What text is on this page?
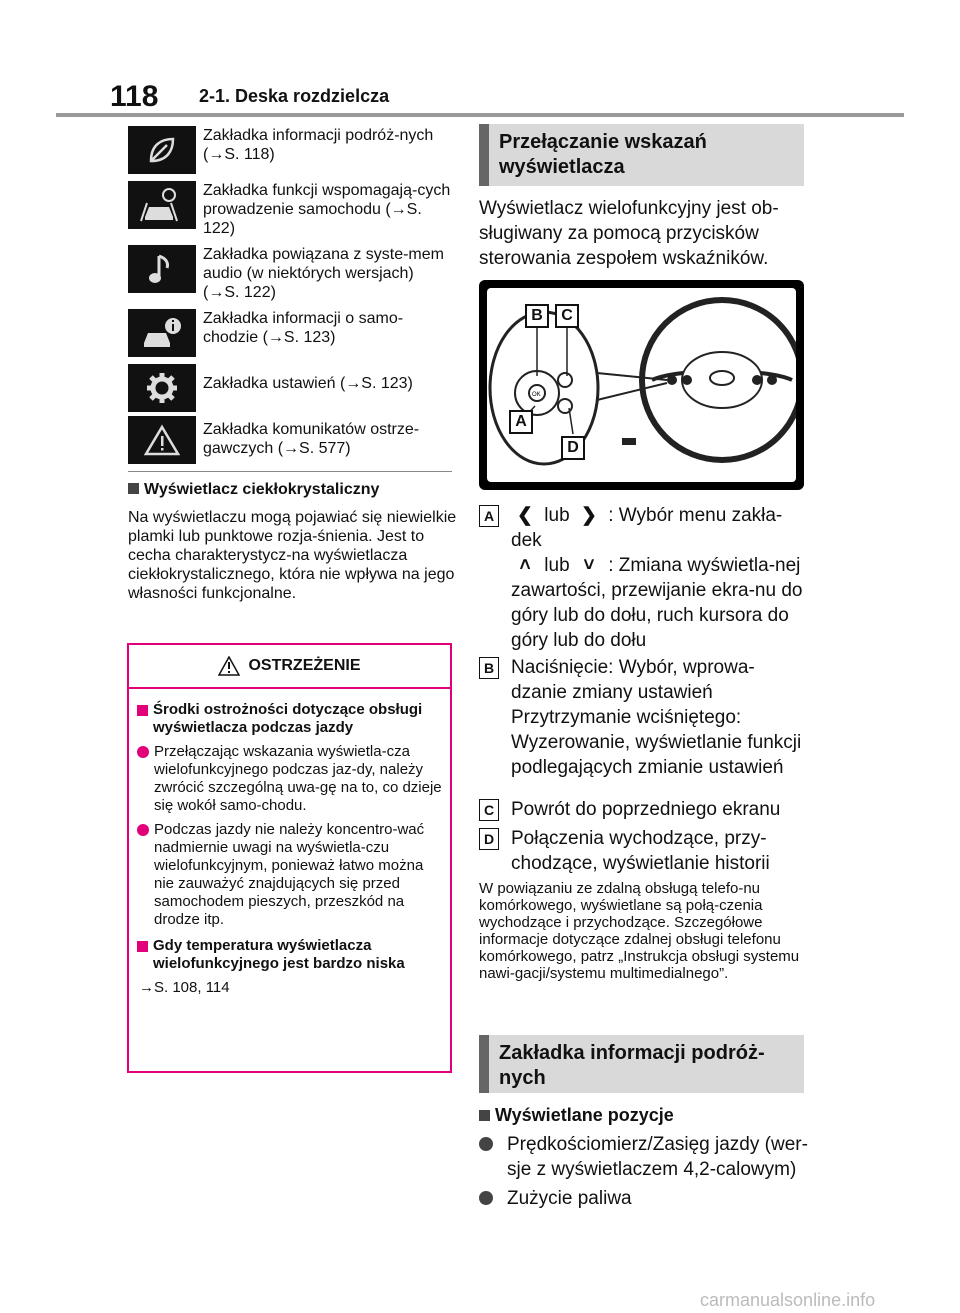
118 2-1. Deska rozdzielcza
Zakładka informacji podróż-nych (→S. 118)
Zakładka funkcji wspomagają-cych prowadzenie samochodu (→S. 122)
Zakładka powiązana z syste-mem audio (w niektórych wersjach) (→S. 122)
Zakładka informacji o samo-chodzie (→S. 123)
Zakładka ustawień (→S. 123)
Zakładka komunikatów ostrze-gawczych (→S. 577)
Wyświetlacz ciekłokrystaliczny
Na wyświetlaczu mogą pojawiać się niewielkie plamki lub punktowe rozja-śnienia. Jest to cecha charakterystycz-na wyświetlacza ciekłokrystalicznego, która nie wpływa na jego własności funkcjonalne.
OSTRZEŻENIE
Środki ostrożności dotyczące obsługi wyświetlacza podczas jazdy
Przełączając wskazania wyświetla-cza wielofunkcyjnego podczas jaz-dy, należy zwrócić szczególną uwa-gę na to, co dzieje się wokół samo-chodu.
Podczas jazdy nie należy koncentro-wać nadmiernie uwagi na wyświetla-czu wielofunkcyjnym, ponieważ łatwo można nie zauważyć znajdujących się przed samochodem pieszych, przeszkód na drodze itp.
Gdy temperatura wyświetlacza wielofunkcyjnego jest bardzo niska
→S. 108, 114
Przełączanie wskazań wyświetlacza
Wyświetlacz wielofunkcyjny jest ob-sługiwany za pomocą przycisków sterowania zespołem wskaźników.
OK
B	C
A
D
A	❮ lub ❯ : Wybór menu zakła-dek
˄ lub ˅ : Zmiana wyświetla-nej zawartości, przewijanie ekra-nu do góry lub do dołu, ruch kursora do góry lub do dołu
B Naciśnięcie: Wybór, wprowa-dzanie zmiany ustawień
Przytrzymanie wciśniętego: Wyzerowanie, wyświetlanie funkcji podlegających zmianie ustawień
C Powrót do poprzedniego ekranu
D Połączenia wychodzące, przy-chodzące, wyświetlanie historii
W powiązaniu ze zdalną obsługą telefo-nu komórkowego, wyświetlane są połą-czenia wychodzące i przychodzące. Szczegółowe informacje dotyczące zdalnej obsługi telefonu komórkowego, patrz „Instrukcja obsługi systemu nawi-gacji/systemu multimedialnego”.
Zakładka informacji podróż-nych
Wyświetlane pozycje
Prędkościomierz/Zasięg jazdy (wer-sje z wyświetlaczem 4,2-calowym)
Zużycie paliwa
carmanualsonline.info
